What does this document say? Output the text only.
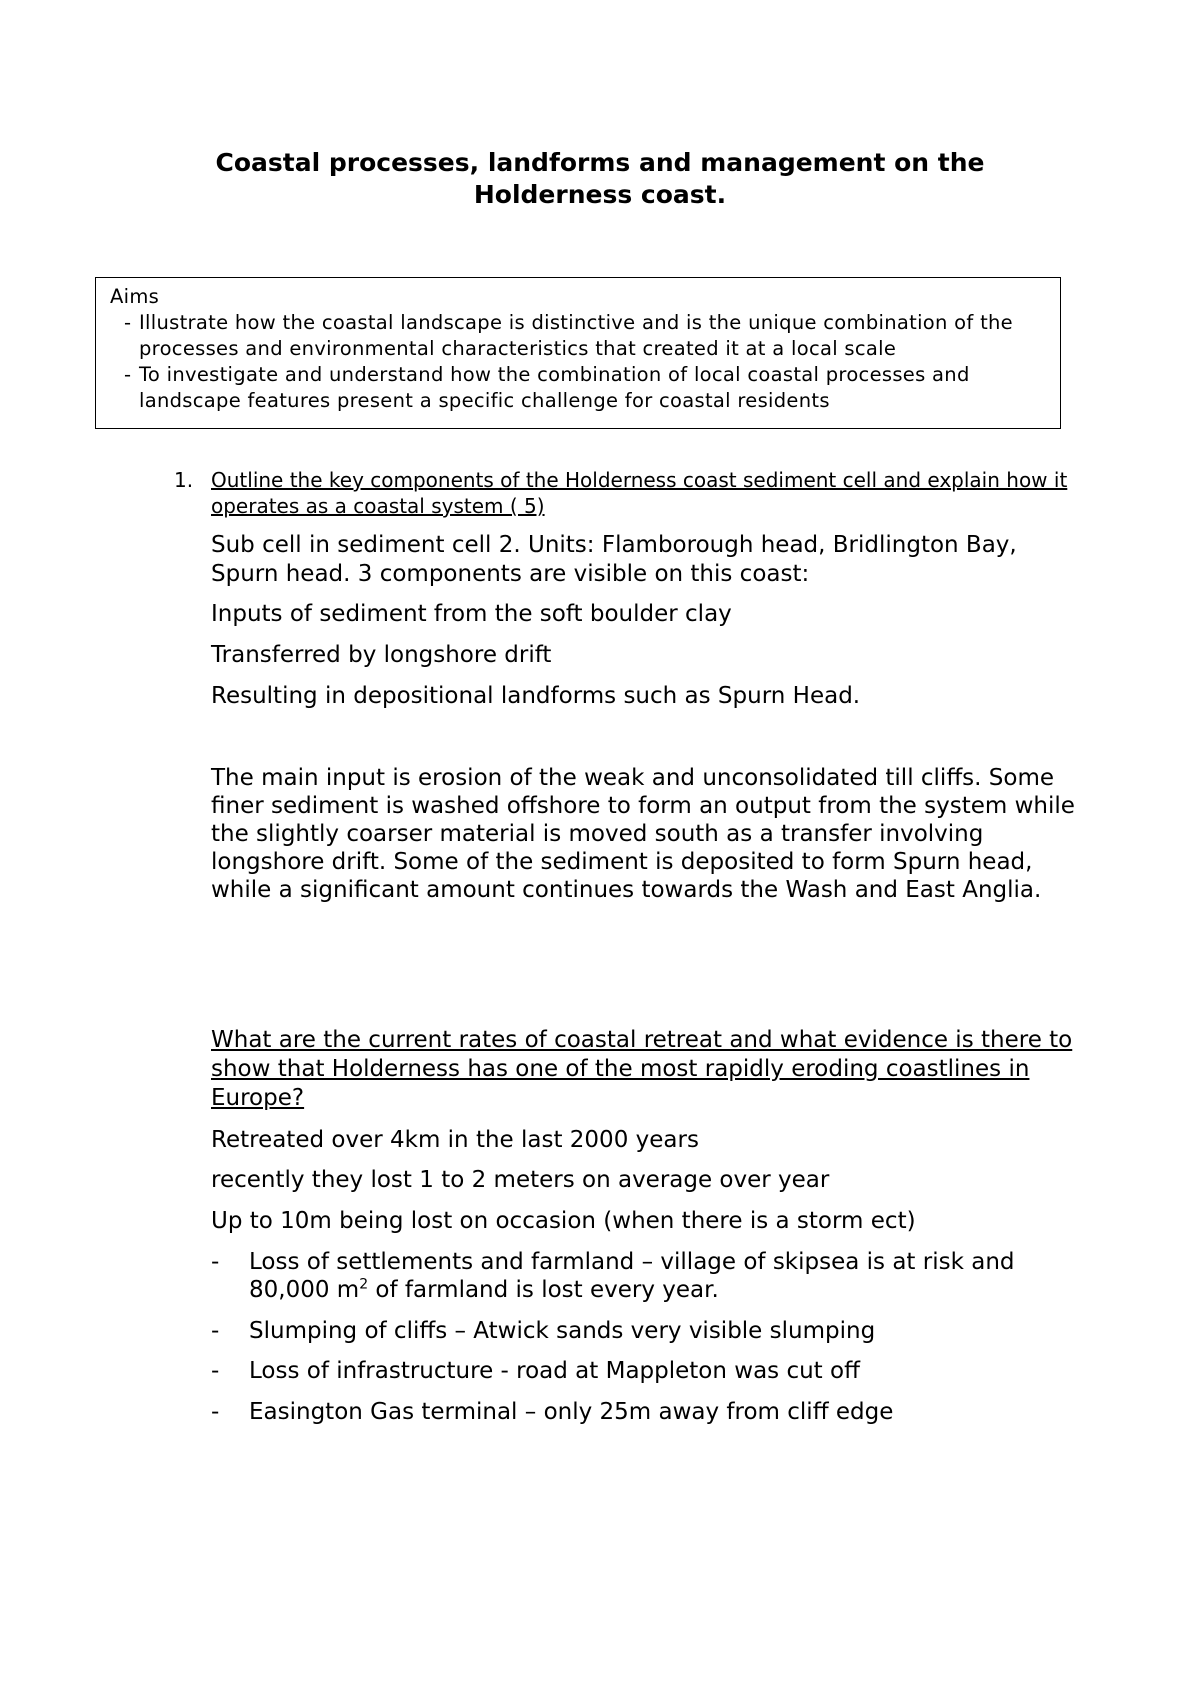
Coastal processes, landforms and management on the
Holderness coast.
Aims
- Illustrate how the coastal landscape is distinctive and is the unique combination of the processes and environmental characteristics that created it at a local scale
- To investigate and understand how the combination of local coastal processes and landscape features present a specific challenge for coastal residents
1. Outline the key components of the Holderness coast sediment cell and explain how it operates as a coastal system ( 5)

Sub cell in sediment cell 2. Units: Flamborough head, Bridlington Bay, Spurn head. 3 components are visible on this coast:

Inputs of sediment from the soft boulder clay

Transferred by longshore drift

Resulting in depositional landforms such as Spurn Head.

The main input is erosion of the weak and unconsolidated till cliffs. Some finer sediment is washed offshore to form an output from the system while the slightly coarser material is moved south as a transfer involving longshore drift. Some of the sediment is deposited to form Spurn head, while a significant amount continues towards the Wash and East Anglia.

What are the current rates of coastal retreat and what evidence is there to show that Holderness has one of the most rapidly eroding coastlines in Europe?

Retreated over 4km in the last 2000 years

recently they lost 1 to 2 meters on average over year

Up to 10m being lost on occasion (when there is a storm ect)

-	Loss of settlements and farmland – village of skipsea is at risk and 80,000 $m^2$ of farmland is lost every year.
-	Slumping of cliffs – Atwick sands very visible slumping
-	Loss of infrastructure - road at Mappleton was cut off
-	Easington Gas terminal – only 25m away from cliff edge
